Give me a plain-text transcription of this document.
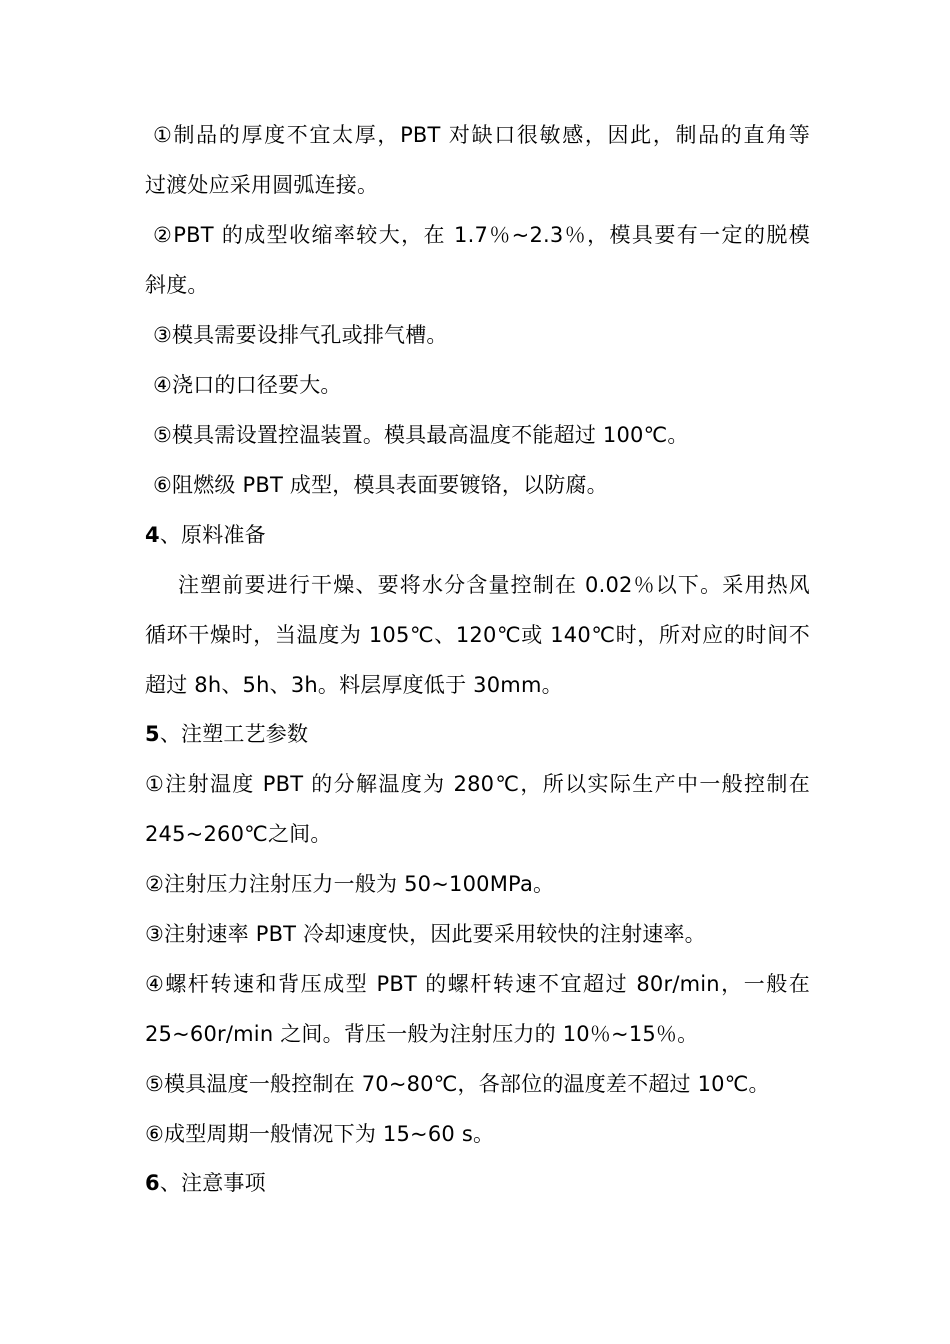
①制品的厚度不宜太厚，PBT 对缺口很敏感，因此，制品的直角等
过渡处应采用圆弧连接。
②PBT 的成型收缩率较大，在 1.7％~2.3％，模具要有一定的脱模
斜度。
③模具需要设排气孔或排气槽。
④浇口的口径要大。
⑤模具需设置控温装置。模具最高温度不能超过 100℃。
⑥阻燃级 PBT 成型，模具表面要镀铬，以防腐。
4、原料准备
注塑前要进行干燥、要将水分含量控制在 0.02％以下。采用热风
循环干燥时，当温度为 105℃、120℃或 140℃时，所对应的时间不
超过 8h、5h、3h。料层厚度低于 30mm。
5、注塑工艺参数
①注射温度 PBT 的分解温度为 280℃，所以实际生产中一般控制在
245~260℃之间。
②注射压力注射压力一般为 50~100MPa。
③注射速率 PBT 冷却速度快，因此要采用较快的注射速率。
④螺杆转速和背压成型 PBT 的螺杆转速不宜超过 80r/min，一般在
25~60r/min 之间。背压一般为注射压力的 10％~15％。
⑤模具温度一般控制在 70~80℃，各部位的温度差不超过 10℃。
⑥成型周期一般情况下为 15~60 s。
6、注意事项
